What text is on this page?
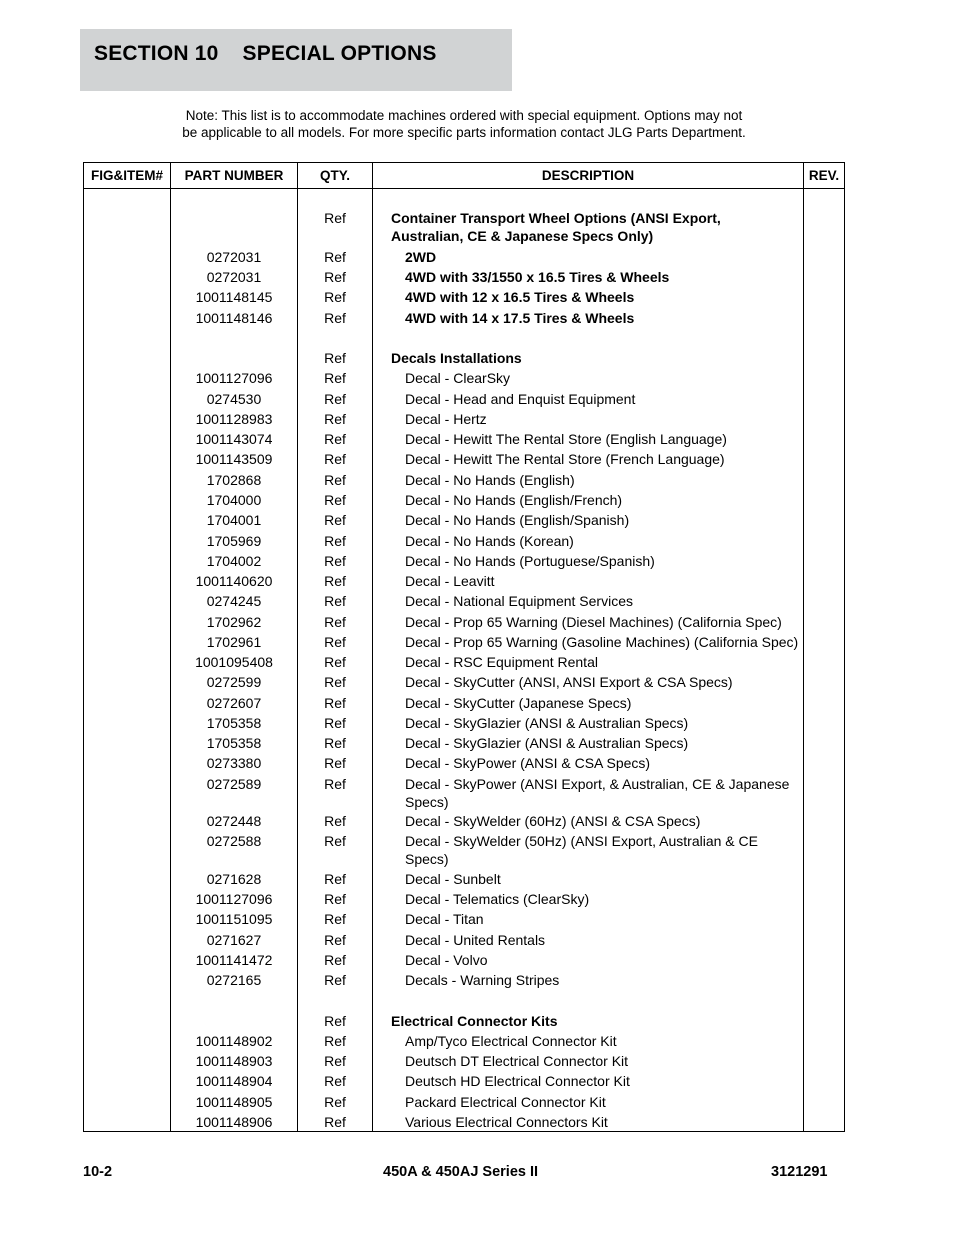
SECTION 10 SPECIAL OPTIONS
Note: This list is to accommodate machines ordered with special equipment. Options may not
be applicable to all models. For more specific parts information contact JLG Parts Department.
FIG&ITEM#	PART NUMBER	QTY.	DESCRIPTION	REV.
Ref	Container Transport Wheel Options (ANSI Export, Australian, CE & Japanese Specs Only)
0272031	Ref	2WD
0272031	Ref	4WD with 33/1550 x 16.5 Tires & Wheels
1001148145	Ref	4WD with 12 x 16.5 Tires & Wheels
1001148146	Ref	4WD with 14 x 17.5 Tires & Wheels
Ref	Decals Installations
1001127096	Ref	Decal - ClearSky
0274530	Ref	Decal - Head and Enquist Equipment
1001128983	Ref	Decal - Hertz
1001143074	Ref	Decal - Hewitt The Rental Store (English Language)
1001143509	Ref	Decal - Hewitt The Rental Store (French Language)
1702868	Ref	Decal - No Hands (English)
1704000	Ref	Decal - No Hands (English/French)
1704001	Ref	Decal - No Hands (English/Spanish)
1705969	Ref	Decal - No Hands (Korean)
1704002	Ref	Decal - No Hands (Portuguese/Spanish)
1001140620	Ref	Decal - Leavitt
0274245	Ref	Decal - National Equipment Services
1702962	Ref	Decal - Prop 65 Warning (Diesel Machines) (California Spec)
1702961	Ref	Decal - Prop 65 Warning (Gasoline Machines) (California Spec)
1001095408	Ref	Decal - RSC Equipment Rental
0272599	Ref	Decal - SkyCutter (ANSI, ANSI Export & CSA Specs)
0272607	Ref	Decal - SkyCutter (Japanese Specs)
1705358	Ref	Decal - SkyGlazier (ANSI & Australian Specs)
1705358	Ref	Decal - SkyGlazier (ANSI & Australian Specs)
0273380	Ref	Decal - SkyPower (ANSI & CSA Specs)
0272589	Ref	Decal - SkyPower (ANSI Export, & Australian, CE & Japanese Specs)
0272448	Ref	Decal - SkyWelder (60Hz) (ANSI & CSA Specs)
0272588	Ref	Decal - SkyWelder (50Hz) (ANSI Export, Australian & CE Specs)
0271628	Ref	Decal - Sunbelt
1001127096	Ref	Decal - Telematics (ClearSky)
1001151095	Ref	Decal - Titan
0271627	Ref	Decal - United Rentals
1001141472	Ref	Decal - Volvo
0272165	Ref	Decals - Warning Stripes
Ref	Electrical Connector Kits
1001148902	Ref	Amp/Tyco Electrical Connector Kit
1001148903	Ref	Deutsch DT Electrical Connector Kit
1001148904	Ref	Deutsch HD Electrical Connector Kit
1001148905	Ref	Packard Electrical Connector Kit
1001148906	Ref	Various Electrical Connectors Kit
10-2	450A & 450AJ Series II	3121291
